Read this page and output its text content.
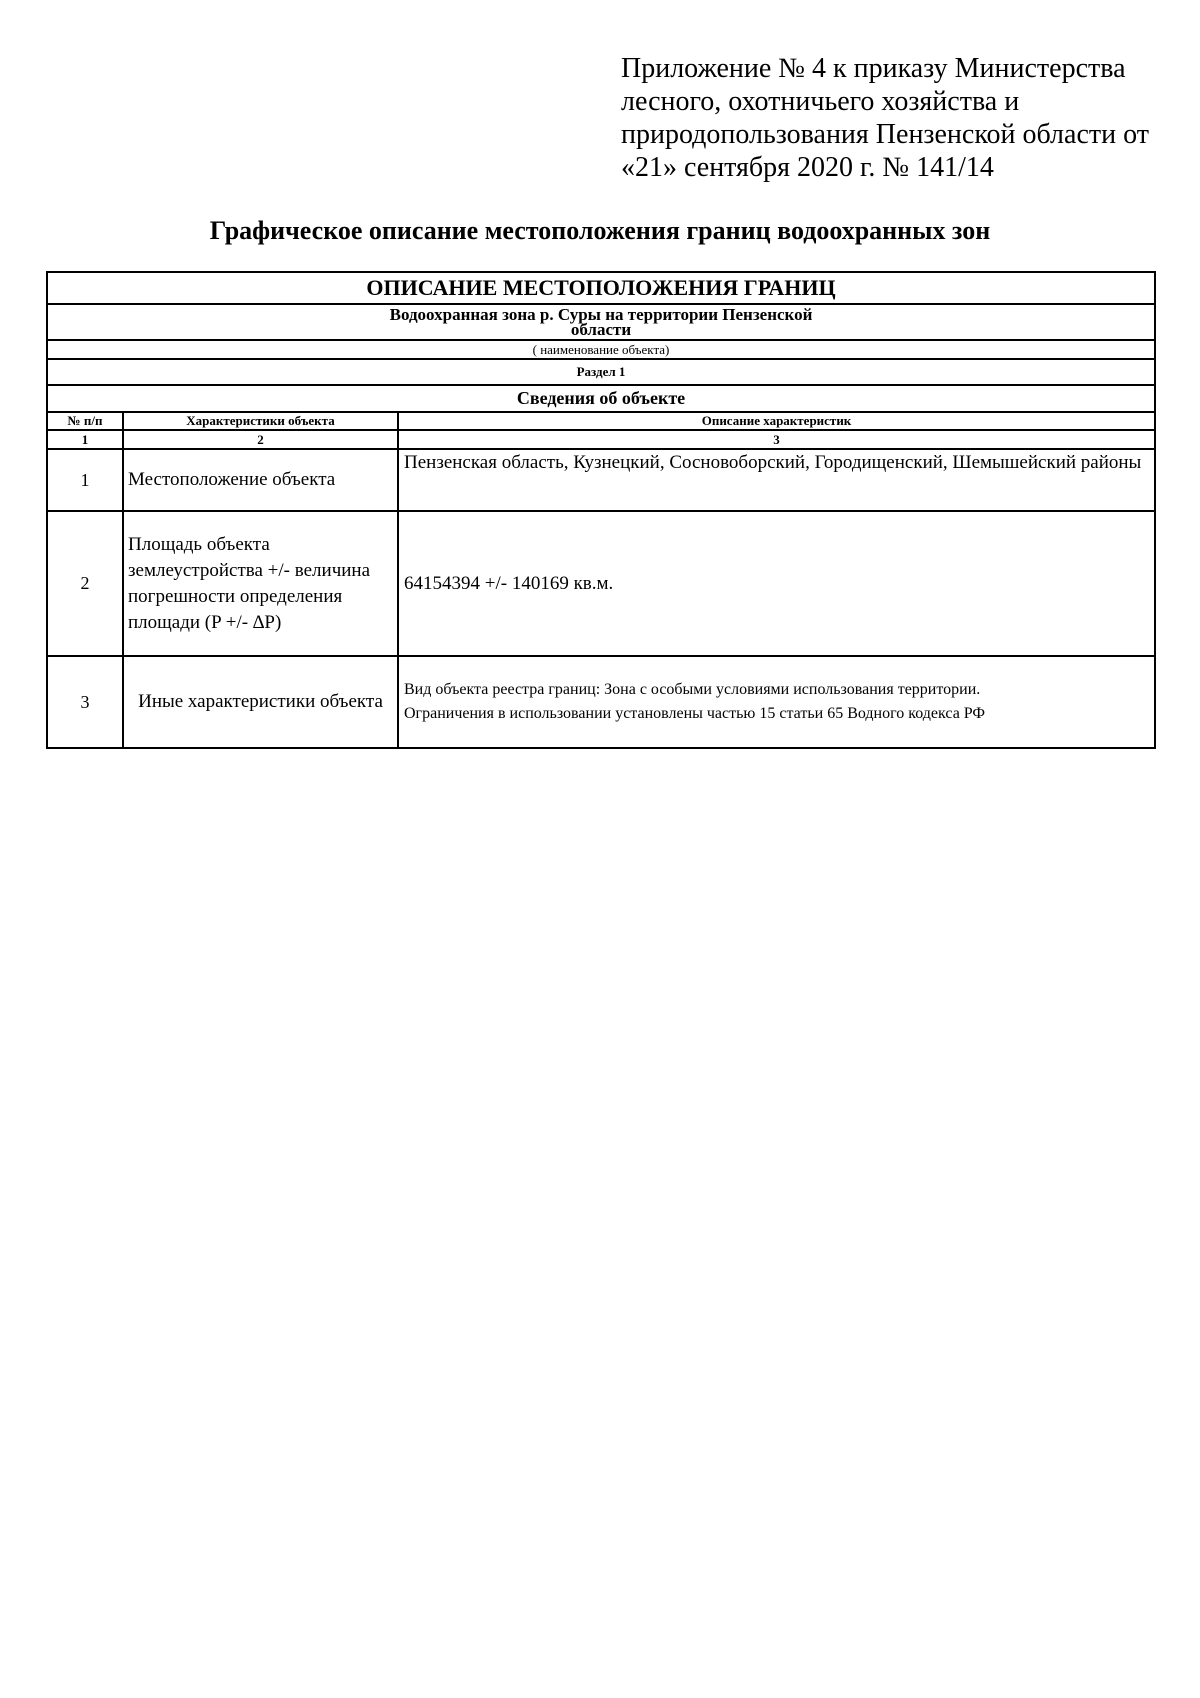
Приложение № 4 к приказу Министерства
лесного, охотничьего хозяйства и
природопользования Пензенской области от
«21» сентября 2020 г. № 141/14
Графическое описание местоположения границ водоохранных зон
ОПИСАНИЕ МЕСТОПОЛОЖЕНИЯ ГРАНИЦ		

Водоохранная зона р. Суры на территории Пензенской
области		

( наименование объекта)		
Раздел 1		
Сведения об объекте		
№ п/п	Характеристики объекта	Описание характеристик
1	2	3
1	Местоположение объекта	Пензенская область, Кузнецкий, Сосновоборский, Городищенский, Шемышейский районы
2	Площадь объекта землеустройства +/- величина погрешности определения площади (P +/- ∆P)	64154394 +/- 140169 кв.м.
3	Иные характеристики объекта	Вид объекта реестра границ: Зона с особыми условиями использования территории.
Ограничения в использовании установлены частью 15 статьи 65 Водного кодекса РФ
